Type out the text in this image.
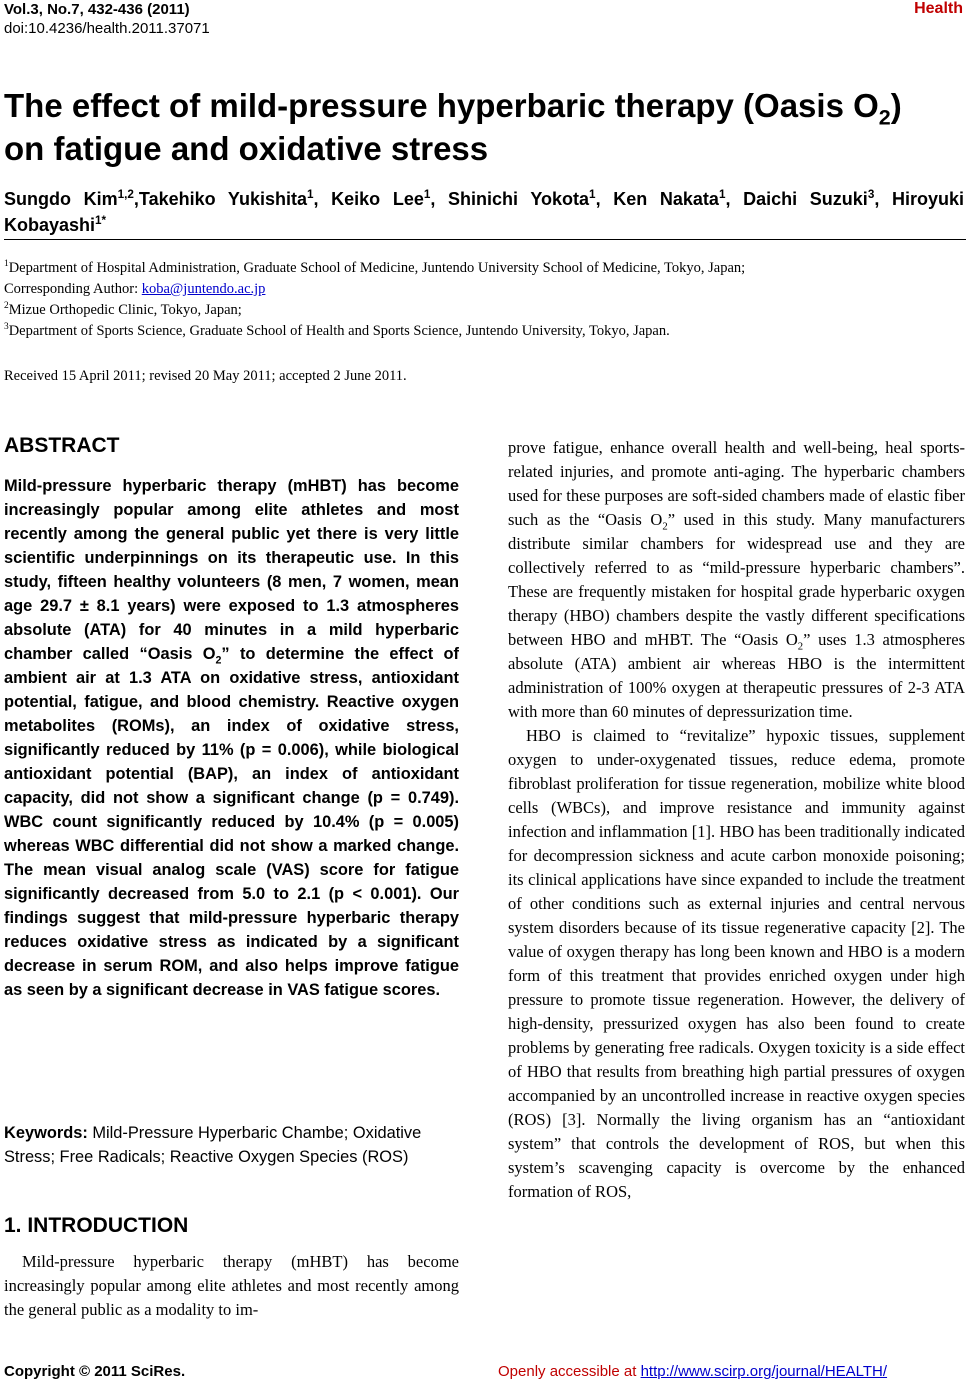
Vol.3, No.7, 432-436 (2011)
doi:10.4236/health.2011.37071
Health
The effect of mild-pressure hyperbaric therapy (Oasis $O_2$)
on fatigue and oxidative stress
Sungdo Kim$^{1,2}$,Takehiko Yukishita$^1$, Keiko Lee$^1$, Shinichi Yokota$^1$, Ken Nakata$^1$, Daichi Suzuki$^3$, Hiroyuki Kobayashi$^{1*}$
$^1$Department of Hospital Administration, Graduate School of Medicine, Juntendo University School of Medicine, Tokyo, Japan;
Corresponding Author: koba@juntendo.ac.jp
$^2$Mizue Orthopedic Clinic, Tokyo, Japan;
$^3$Department of Sports Science, Graduate School of Health and Sports Science, Juntendo University, Tokyo, Japan.
Received 15 April 2011; revised 20 May 2011; accepted 2 June 2011.
ABSTRACT
Mild-pressure hyperbaric therapy (mHBT) has become increasingly popular among elite athletes and most recently among the general public yet there is very little scientific underpinnings on its therapeutic use. In this study, fifteen healthy volunteers (8 men, 7 women, mean age 29.7 ± 8.1 years) were exposed to 1.3 atmospheres absolute (ATA) for 40 minutes in a mild hyperbaric chamber called “Oasis $O_2$” to determine the effect of ambient air at 1.3 ATA on oxidative stress, antioxidant potential, fatigue, and blood chemistry. Reactive oxygen metabolites (ROMs), an index of oxidative stress, significantly reduced by 11% (p = 0.006), while biological antioxidant potential (BAP), an index of antioxidant capacity, did not show a significant change (p = 0.749). WBC count significantly reduced by 10.4% (p = 0.005) whereas WBC differential did not show a marked change. The mean visual analog scale (VAS) score for fatigue significantly decreased from 5.0 to 2.1 (p < 0.001). Our findings suggest that mild-pressure hyperbaric therapy reduces oxidative stress as indicated by a significant decrease in serum ROM, and also helps improve fatigue as seen by a significant decrease in VAS fatigue scores.
Keywords: Mild-Pressure Hyperbaric Chambe; Oxidative Stress; Free Radicals; Reactive Oxygen Species (ROS)
1. INTRODUCTION
Mild-pressure hyperbaric therapy (mHBT) has become increasingly popular among elite athletes and most recently among the general public as a modality to im-

prove fatigue, enhance overall health and well-being, heal sports-related injuries, and promote anti-aging. The hyperbaric chambers used for these purposes are soft-sided chambers made of elastic fiber such as the “Oasis $O_2$” used in this study. Many manufacturers distribute similar chambers for widespread use and they are collectively referred to as “mild-pressure hyperbaric chambers”. These are frequently mistaken for hospital grade hyperbaric oxygen therapy (HBO) chambers despite the vastly different specifications between HBO and mHBT. The “Oasis $O_2$” uses 1.3 atmospheres absolute (ATA) ambient air whereas HBO is the intermittent administration of 100% oxygen at therapeutic pressures of 2-3 ATA with more than 60 minutes of depressurization time.

HBO is claimed to “revitalize” hypoxic tissues, supplement oxygen to under-oxygenated tissues, reduce edema, promote fibroblast proliferation for tissue regeneration, mobilize white blood cells (WBCs), and improve resistance and immunity against infection and inflammation [1]. HBO has been traditionally indicated for decompression sickness and acute carbon monoxide poisoning; its clinical applications have since expanded to include the treatment of other conditions such as external injuries and central nervous system disorders because of its tissue regenerative capacity [2]. The value of oxygen therapy has long been known and HBO is a modern form of this treatment that provides enriched oxygen under high pressure to promote tissue regeneration. However, the delivery of high-density, pressurized oxygen has also been found to create problems by generating free radicals. Oxygen toxicity is a side effect of HBO that results from breathing high partial pressures of oxygen accompanied by an uncontrolled increase in reactive oxygen species (ROS) [3]. Normally the living organism has an “antioxidant system” that controls the development of ROS, but when this system’s scavenging capacity is overcome by the enhanced formation of ROS,

Copyright © 2011 SciRes.	Openly accessible at http://www.scirp.org/journal/HEALTH/
